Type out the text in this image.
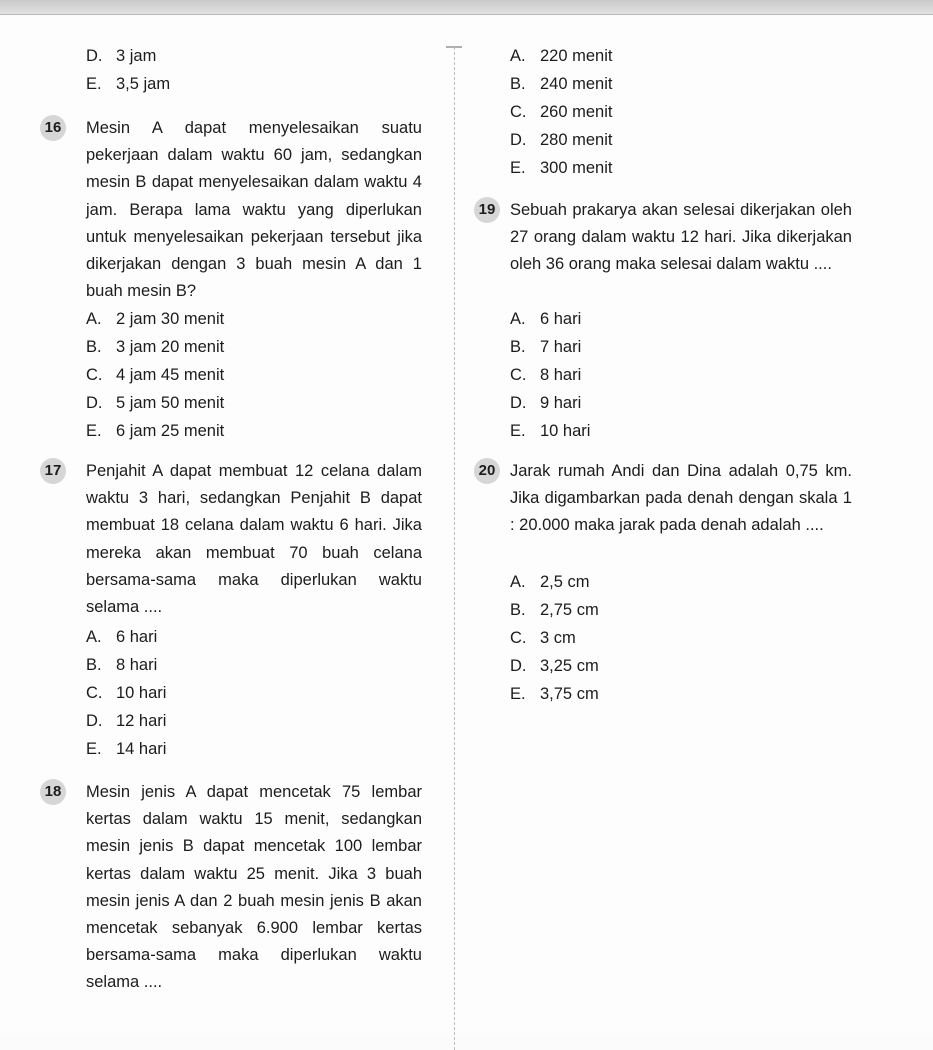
D. 3 jam
E. 3,5 jam
16 Mesin A dapat menyelesaikan suatu pekerjaan dalam waktu 60 jam, sedangkan mesin B dapat menyelesaikan dalam waktu 4 jam. Berapa lama waktu yang diperlukan untuk menyelesaikan pekerjaan tersebut jika dikerjakan dengan 3 buah mesin A dan 1 buah mesin B?
A. 2 jam 30 menit
B. 3 jam 20 menit
C. 4 jam 45 menit
D. 5 jam 50 menit
E. 6 jam 25 menit
17 Penjahit A dapat membuat 12 celana dalam waktu 3 hari, sedangkan Penjahit B dapat membuat 18 celana dalam waktu 6 hari. Jika mereka akan membuat 70 buah celana bersama-sama maka diperlukan waktu selama ....
A. 6 hari
B. 8 hari
C. 10 hari
D. 12 hari
E. 14 hari
18 Mesin jenis A dapat mencetak 75 lembar kertas dalam waktu 15 menit, sedangkan mesin jenis B dapat mencetak 100 lembar kertas dalam waktu 25 menit. Jika 3 buah mesin jenis A dan 2 buah mesin jenis B akan mencetak sebanyak 6.900 lembar kertas bersama-sama maka diperlukan waktu selama ....
A. 220 menit
B. 240 menit
C. 260 menit
D. 280 menit
E. 300 menit
19 Sebuah prakarya akan selesai dikerjakan oleh 27 orang dalam waktu 12 hari. Jika dikerjakan oleh 36 orang maka selesai dalam waktu ....
A. 6 hari
B. 7 hari
C. 8 hari
D. 9 hari
E. 10 hari
20 Jarak rumah Andi dan Dina adalah 0,75 km. Jika digambarkan pada denah dengan skala 1 : 20.000 maka jarak pada denah adalah ....
A. 2,5 cm
B. 2,75 cm
C. 3 cm
D. 3,25 cm
E. 3,75 cm
